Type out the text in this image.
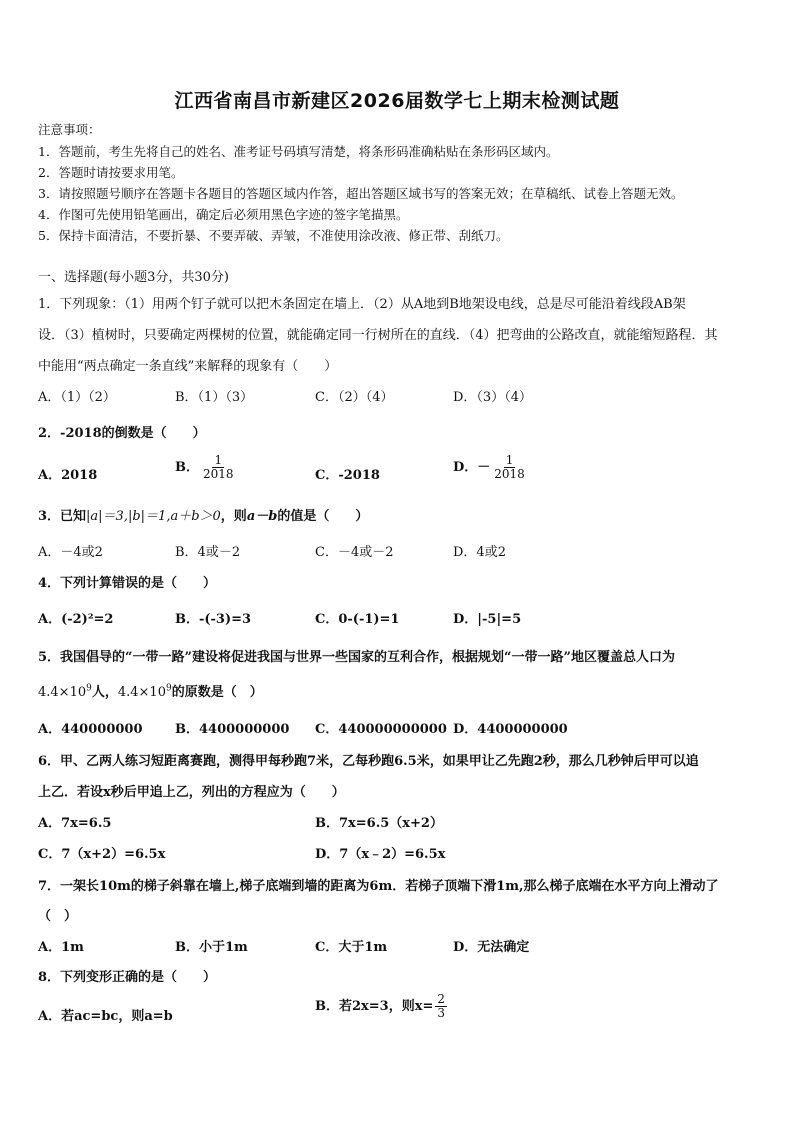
江西省南昌市新建区2026届数学七上期末检测试题
注意事项：
1．答题前，考生先将自己的姓名、准考证号码填写清楚，将条形码准确粘贴在条形码区域内。
2．答题时请按要求用笔。
3．请按照题号顺序在答题卡各题目的答题区域内作答，超出答题区域书写的答案无效；在草稿纸、试卷上答题无效。
4．作图可先使用铅笔画出，确定后必须用黑色字迹的签字笔描黑。
5．保持卡面清洁，不要折暴、不要弄破、弄皱，不准使用涂改液、修正带、刮纸刀。
一、选择题(每小题3分，共30分)
1．下列现象：（1）用两个钉子就可以把木条固定在墙上．（2）从A地到B地架设电线，总是尽可能沿着线段AB架
设．（3）植树时，只要确定两棵树的位置，就能确定同一行树所在的直线．（4）把弯曲的公路改直，就能缩短路程．其
中能用“两点确定一条直线”来解释的现象有（　　）
A．（1）（2）	B．（1）（3）	C．（2）（4）	D．（3）（4）
2．-2018的倒数是（　　）
A．2018
B． $\frac{1}{2018}$	C．-2018
D．－ $\frac{1}{2018}$
3．已知|a|＝3,|b|＝1,a＋b＞0，则a－b的值是（　　）
A．－4或2	B．4或－2	C．－4或－2	D．4或2
4．下列计算错误的是（　　）
A．(-2)²=2	B．-(-3)=3	C．0-(-1)=1	D．|-5|=5
5．我国倡导的“一带一路”建设将促进我国与世界一些国家的互利合作，根据规划“一带一路”地区覆盖总人口为
$4.4\times 10^9$人，$4.4\times 10^9$的原数是（　）
A．440000000	B．4400000000 C．440000000000 D．4400000000
6．甲、乙两人练习短距离赛跑，测得甲每秒跑7米，乙每秒跑6.5米，如果甲让乙先跑2秒，那么几秒钟后甲可以追
上乙．若设x秒后甲追上乙，列出的方程应为（　　）
A．7x=6.5	B．7x=6.5（x+2）
C．7（x+2）=6.5x	D．7（x﹣2）=6.5x
7．一架长10m的梯子斜靠在墙上,梯子底端到墙的距离为6m．若梯子顶端下滑1m,那么梯子底端在水平方向上滑动了
（　）
A．1m	B．小于1m	C．大于1m	D．无法确定
8．下列变形正确的是（　　）
A．若ac=bc，则a=b
B．若2x=3，则$x= \frac{2}{3}$
